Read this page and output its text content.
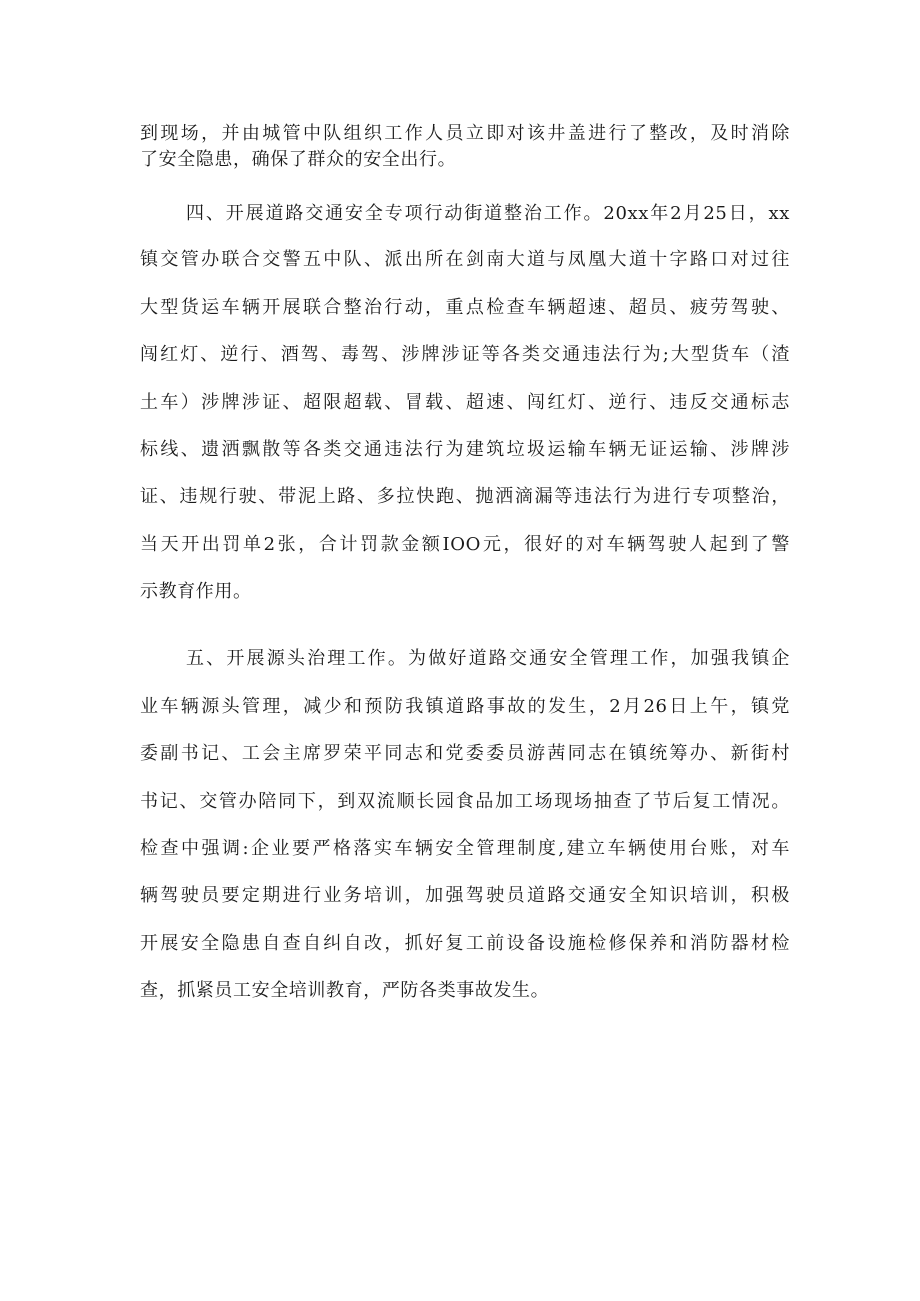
到现场，并由城管中队组织工作人员立即对该井盖进行了整改，及时消除
了安全隐患，确保了群众的安全出行。
四、开展道路交通安全专项行动街道整治工作。20xx年2月25日，xx
镇交管办联合交警五中队、派出所在剑南大道与凤凰大道十字路口对过往
大型货运车辆开展联合整治行动，重点检查车辆超速、超员、疲劳驾驶、
闯红灯、逆行、酒驾、毒驾、涉牌涉证等各类交通违法行为;大型货车（渣
土车）涉牌涉证、超限超载、冒载、超速、闯红灯、逆行、违反交通标志
标线、遗洒飘散等各类交通违法行为建筑垃圾运输车辆无证运输、涉牌涉
证、违规行驶、带泥上路、多拉快跑、抛洒滴漏等违法行为进行专项整治，
当天开出罚单2张，合计罚款金额IOO元，很好的对车辆驾驶人起到了警
示教育作用。
五、开展源头治理工作。为做好道路交通安全管理工作，加强我镇企
业车辆源头管理，减少和预防我镇道路事故的发生，2月26日上午，镇党
委副书记、工会主席罗荣平同志和党委委员游茜同志在镇统筹办、新街村
书记、交管办陪同下，到双流顺长园食品加工场现场抽查了节后复工情况。
检查中强调:企业要严格落实车辆安全管理制度,建立车辆使用台账，对车
辆驾驶员要定期进行业务培训，加强驾驶员道路交通安全知识培训，积极
开展安全隐患自查自纠自改，抓好复工前设备设施检修保养和消防器材检
查，抓紧员工安全培训教育，严防各类事故发生。
